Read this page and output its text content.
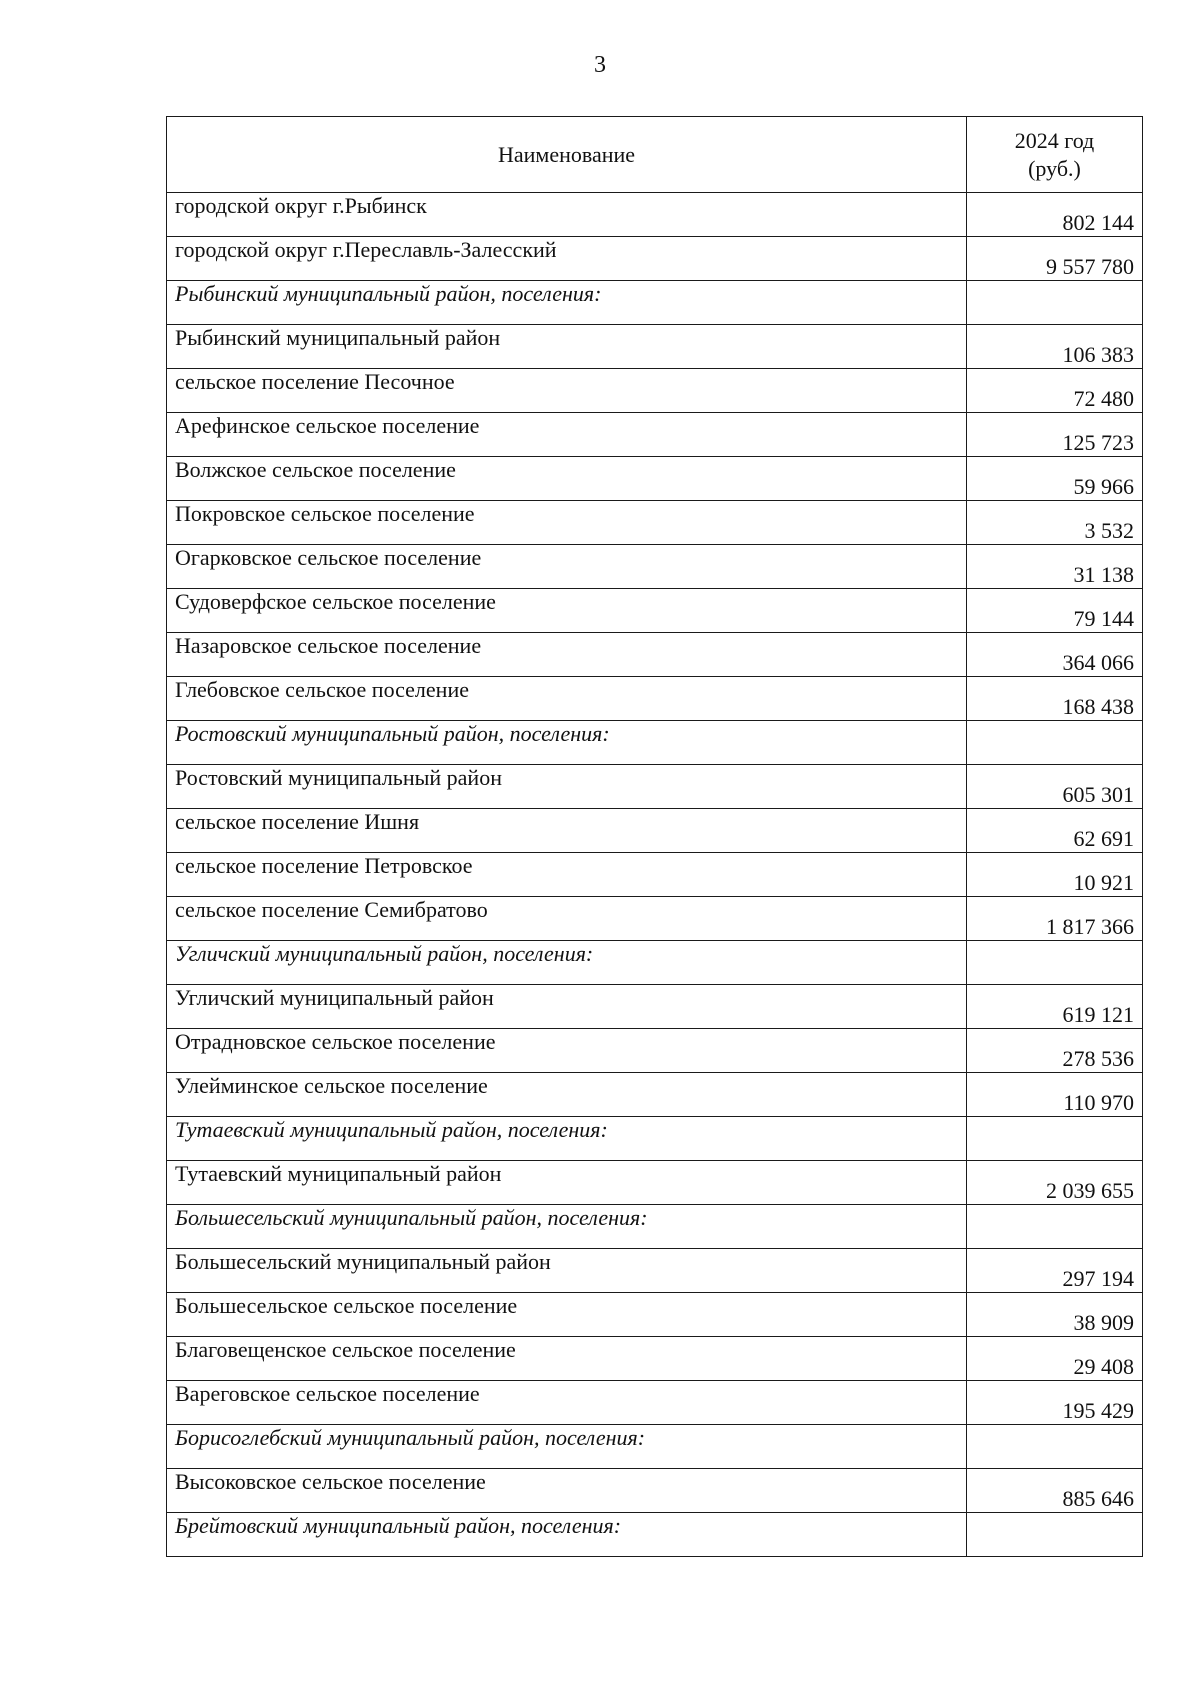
3
Наименование	2024 год
(руб.)

городской округ г.Рыбинск	802 144
городской округ г.Переславль-Залесский	9 557 780
Рыбинский муниципальный район, поселения:	
Рыбинский муниципальный район	106 383
сельское поселение Песочное	72 480
Арефинское сельское поселение	125 723
Волжское сельское поселение	59 966
Покровское сельское поселение	3 532
Огарковское сельское поселение	31 138
Судоверфское сельское поселение	79 144
Назаровское сельское поселение	364 066
Глебовское сельское поселение	168 438
Ростовский муниципальный район, поселения:	
Ростовский муниципальный район	605 301
сельское поселение Ишня	62 691
сельское поселение Петровское	10 921
сельское поселение Семибратово	1 817 366
Угличский муниципальный район, поселения:	
Угличский муниципальный район	619 121
Отрадновское сельское поселение	278 536
Улейминское сельское поселение	110 970
Тутаевский муниципальный район, поселения:	
Тутаевский муниципальный район	2 039 655
Большесельский муниципальный район, поселения:	
Большесельский муниципальный район	297 194
Большесельское сельское поселение	38 909
Благовещенское сельское поселение	29 408
Вареговское сельское поселение	195 429
Борисоглебский муниципальный район, поселения:	
Высоковское сельское поселение	885 646
Брейтовский муниципальный район, поселения:	
